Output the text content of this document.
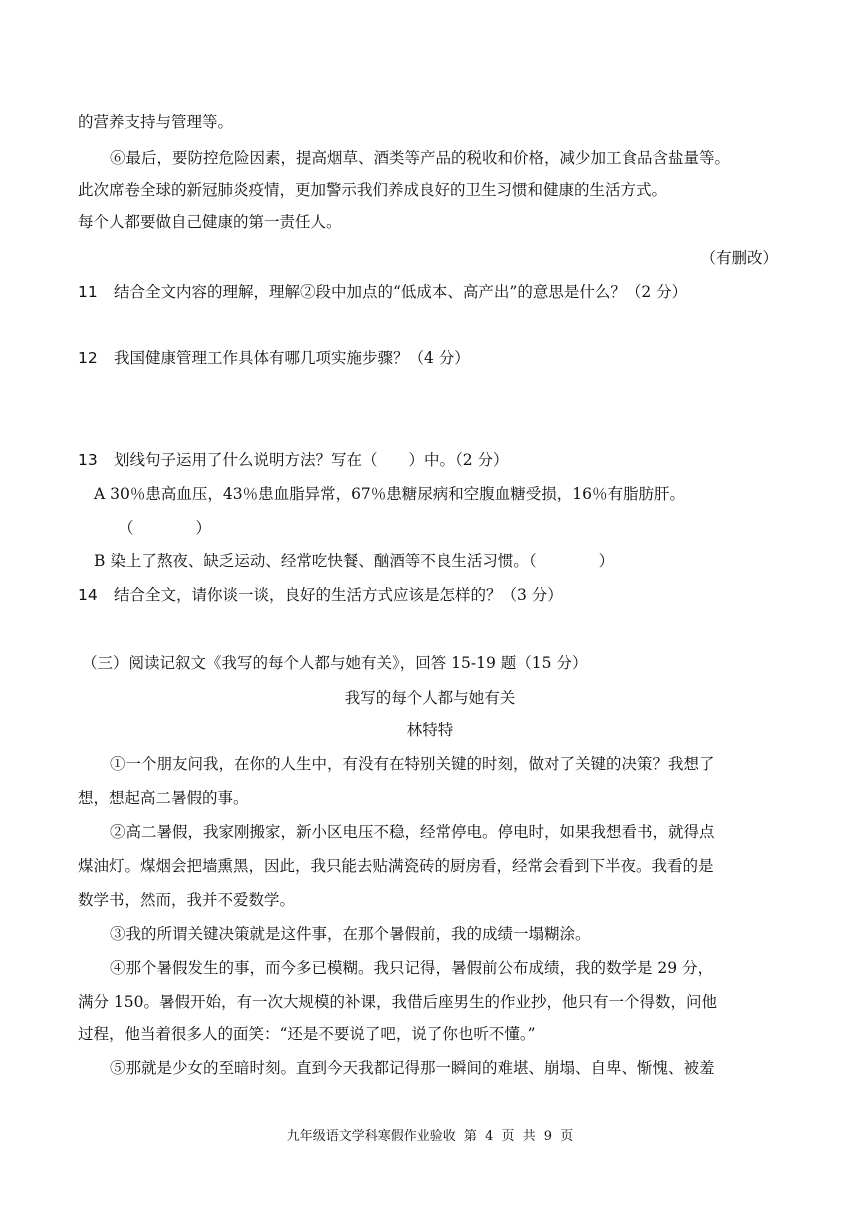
的营养支持与管理等。
⑥最后，要防控危险因素，提高烟草、酒类等产品的税收和价格，减少加工食品含盐量等。
此次席卷全球的新冠肺炎疫情，更加警示我们养成良好的卫生习惯和健康的生活方式。
每个人都要做自己健康的第一责任人。
（有删改）
11 结合全文内容的理解，理解②段中加点的“低成本、高产出”的意思是什么？（2 分）
12 我国健康管理工作具体有哪几项实施步骤？（4 分）
13 划线句子运用了什么说明方法？写在（　　）中。（2 分）
A 30％患高血压，43％患血脂异常，67％患糖尿病和空腹血糖受损，16％有脂肪肝。
（　　　　）
B 染上了熬夜、缺乏运动、经常吃快餐、酗酒等不良生活习惯。（　　　　）
14 结合全文，请你谈一谈，良好的生活方式应该是怎样的？（3 分）
（三）阅读记叙文《我写的每个人都与她有关》，回答 15-19 题（15 分）
我写的每个人都与她有关
林特特
①一个朋友问我，在你的人生中，有没有在特别关键的时刻，做对了关键的决策？我想了
想，想起高二暑假的事。
②高二暑假，我家刚搬家，新小区电压不稳，经常停电。停电时，如果我想看书，就得点
煤油灯。煤烟会把墙熏黑，因此，我只能去贴满瓷砖的厨房看，经常会看到下半夜。我看的是
数学书，然而，我并不爱数学。
③我的所谓关键决策就是这件事，在那个暑假前，我的成绩一塌糊涂。
④那个暑假发生的事，而今多已模糊。我只记得，暑假前公布成绩，我的数学是 29 分，
满分 150。暑假开始，有一次大规模的补课，我借后座男生的作业抄，他只有一个得数，问他
过程，他当着很多人的面笑：“还是不要说了吧，说了你也听不懂。”
⑤那就是少女的至暗时刻。直到今天我都记得那一瞬间的难堪、崩塌、自卑、惭愧、被羞
九年级语文学科寒假作业验收 第 4 页 共 9 页
